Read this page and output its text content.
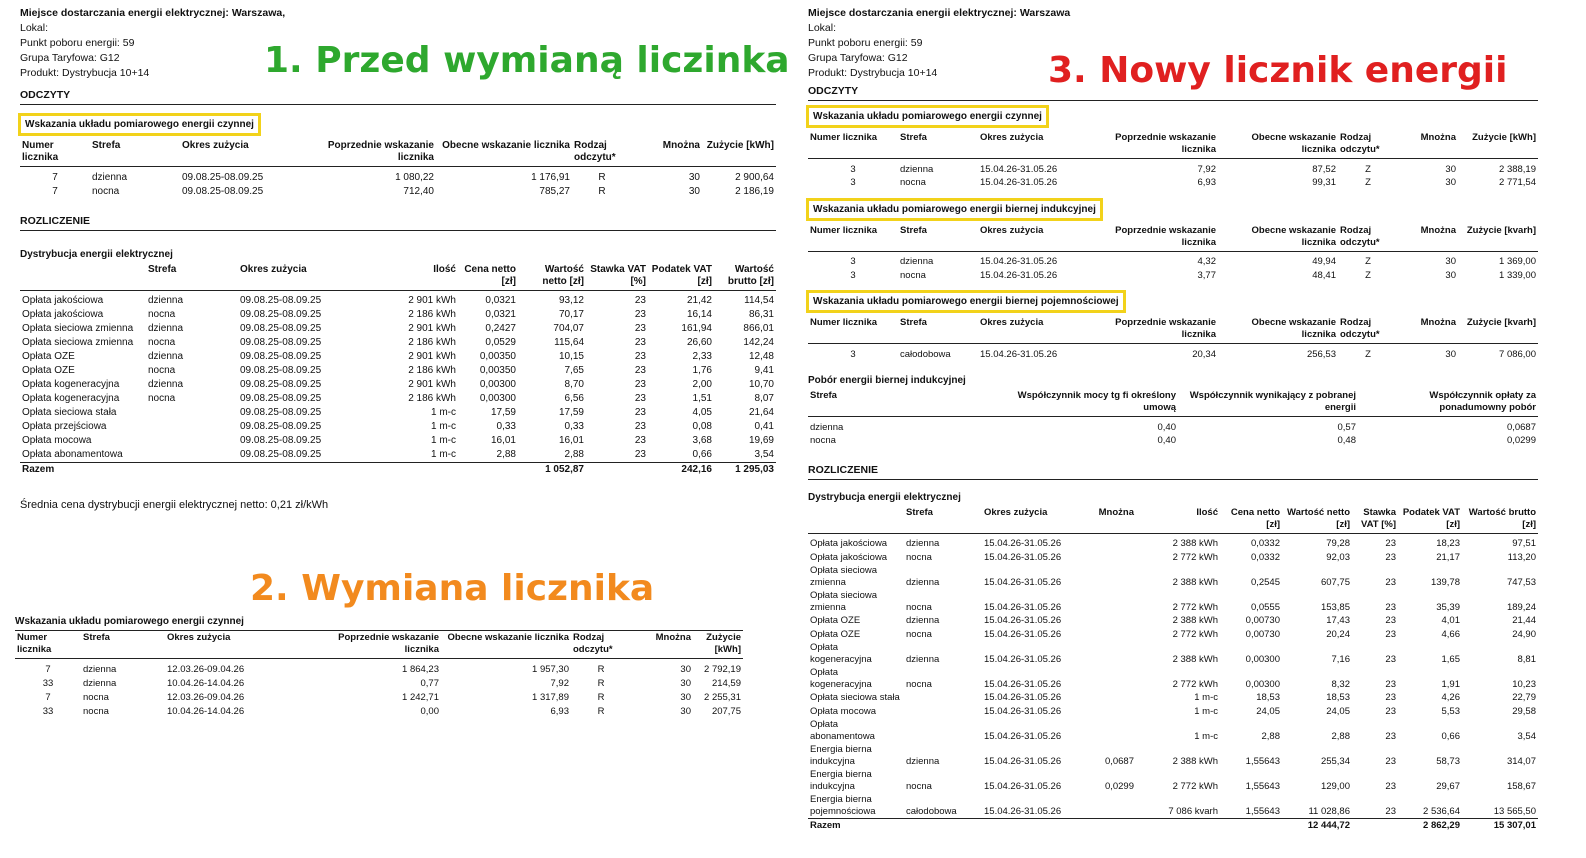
Miejsce dostarczania energii elektrycznej: Warszawa,
Lokal:
Punkt poboru energii: 59
Grupa Taryfowa: G12
Produkt: Dystrybucja 10+14
ODCZYTY
Wskazania układu pomiarowego energii czynnej
Numer licznika	Strefa	Okres zużycia	Poprzednie wskazanie licznika	Obecne wskazanie licznika	Rodzaj odczytu*	Mnożna	Zużycie [kWh]

7	dzienna	09.08.25-08.09.25	1 080,22	1 176,91	R	30	2 900,64
7	nocna	09.08.25-08.09.25	712,40	785,27	R	30	2 186,19
ROZLICZENIE
Dystrybucja energii elektrycznej
	Strefa	Okres zużycia	Ilość	Cena netto [zł]	Wartość netto [zł]	Stawka VAT [%]	Podatek VAT [zł]	Wartość brutto [zł]

Opłata jakościowa	dzienna	09.08.25-08.09.25	2 901 kWh	0,0321	93,12	23	21,42	114,54
Opłata jakościowa	nocna	09.08.25-08.09.25	2 186 kWh	0,0321	70,17	23	16,14	86,31
Opłata sieciowa zmienna	dzienna	09.08.25-08.09.25	2 901 kWh	0,2427	704,07	23	161,94	866,01
Opłata sieciowa zmienna	nocna	09.08.25-08.09.25	2 186 kWh	0,0529	115,64	23	26,60	142,24
Opłata OZE	dzienna	09.08.25-08.09.25	2 901 kWh	0,00350	10,15	23	2,33	12,48
Opłata OZE	nocna	09.08.25-08.09.25	2 186 kWh	0,00350	7,65	23	1,76	9,41
Opłata kogeneracyjna	dzienna	09.08.25-08.09.25	2 901 kWh	0,00300	8,70	23	2,00	10,70
Opłata kogeneracyjna	nocna	09.08.25-08.09.25	2 186 kWh	0,00300	6,56	23	1,51	8,07
Opłata sieciowa stała		09.08.25-08.09.25	1 m-c	17,59	17,59	23	4,05	21,64
Opłata przejściowa		09.08.25-08.09.25	1 m-c	0,33	0,33	23	0,08	0,41
Opłata mocowa		09.08.25-08.09.25	1 m-c	16,01	16,01	23	3,68	19,69
Opłata abonamentowa		09.08.25-08.09.25	1 m-c	2,88	2,88	23	0,66	3,54
Razem					1 052,87		242,16	1 295,03
Średnia cena dystrybucji energii elektrycznej netto: 0,21 zł/kWh
Wskazania układu pomiarowego energii czynnej
Numer licznika	Strefa	Okres zużycia	Poprzednie wskazanie licznika	Obecne wskazanie licznika	Rodzaj odczytu*	Mnożna	Zużycie [kWh]

7	dzienna	12.03.26-09.04.26	1 864,23	1 957,30	R	30	2 792,19
33	dzienna	10.04.26-14.04.26	0,77	7,92	R	30	214,59
7	nocna	12.03.26-09.04.26	1 242,71	1 317,89	R	30	2 255,31
33	nocna	10.04.26-14.04.26	0,00	6,93	R	30	207,75
Miejsce dostarczania energii elektrycznej: Warszawa
Lokal:
Punkt poboru energii: 59
Grupa Taryfowa: G12
Produkt: Dystrybucja 10+14
ODCZYTY
Wskazania układu pomiarowego energii czynnej
Numer licznika	Strefa	Okres zużycia	Poprzednie wskazanie licznika	Obecne wskazanie licznika	Rodzaj odczytu*	Mnożna	Zużycie [kWh]

3	dzienna	15.04.26-31.05.26	7,92	87,52	Z	30	2 388,19
3	nocna	15.04.26-31.05.26	6,93	99,31	Z	30	2 771,54
Wskazania układu pomiarowego energii biernej indukcyjnej
Numer licznika	Strefa	Okres zużycia	Poprzednie wskazanie licznika	Obecne wskazanie licznika	Rodzaj odczytu*	Mnożna	Zużycie [kvarh]

3	dzienna	15.04.26-31.05.26	4,32	49,94	Z	30	1 369,00
3	nocna	15.04.26-31.05.26	3,77	48,41	Z	30	1 339,00
Wskazania układu pomiarowego energii biernej pojemnościowej
Numer licznika	Strefa	Okres zużycia	Poprzednie wskazanie licznika	Obecne wskazanie licznika	Rodzaj odczytu*	Mnożna	Zużycie [kvarh]

3	całodobowa	15.04.26-31.05.26	20,34	256,53	Z	30	7 086,00
Pobór energii biernej indukcyjnej
Strefa	Współczynnik mocy tg fi określony umową	Współczynnik wynikający z pobranej energii	Współczynnik opłaty za ponadumowny pobór

dzienna	0,40	0,57	0,0687
nocna	0,40	0,48	0,0299
ROZLICZENIE
Dystrybucja energii elektrycznej
	Strefa	Okres zużycia	Mnożna	Ilość	Cena netto [zł]	Wartość netto [zł]	Stawka VAT [%]	Podatek VAT [zł]	Wartość brutto [zł]

Opłata jakościowa	dzienna	15.04.26-31.05.26		2 388 kWh	0,0332	79,28	23	18,23	97,51
Opłata jakościowa	nocna	15.04.26-31.05.26		2 772 kWh	0,0332	92,03	23	21,17	113,20
Opłata sieciowa zmienna	dzienna	15.04.26-31.05.26		2 388 kWh	0,2545	607,75	23	139,78	747,53
Opłata sieciowa zmienna	nocna	15.04.26-31.05.26		2 772 kWh	0,0555	153,85	23	35,39	189,24
Opłata OZE	dzienna	15.04.26-31.05.26		2 388 kWh	0,00730	17,43	23	4,01	21,44
Opłata OZE	nocna	15.04.26-31.05.26		2 772 kWh	0,00730	20,24	23	4,66	24,90
Opłata kogeneracyjna	dzienna	15.04.26-31.05.26		2 388 kWh	0,00300	7,16	23	1,65	8,81
Opłata kogeneracyjna	nocna	15.04.26-31.05.26		2 772 kWh	0,00300	8,32	23	1,91	10,23
Opłata sieciowa stała		15.04.26-31.05.26		1 m-c	18,53	18,53	23	4,26	22,79
Opłata mocowa		15.04.26-31.05.26		1 m-c	24,05	24,05	23	5,53	29,58
Opłata abonamentowa		15.04.26-31.05.26		1 m-c	2,88	2,88	23	0,66	3,54
Energia bierna indukcyjna	dzienna	15.04.26-31.05.26	0,0687	2 388 kWh	1,55643	255,34	23	58,73	314,07
Energia bierna indukcyjna	nocna	15.04.26-31.05.26	0,0299	2 772 kWh	1,55643	129,00	23	29,67	158,67
Energia bierna pojemnościowa	całodobowa	15.04.26-31.05.26		7 086 kvarh	1,55643	11 028,86	23	2 536,64	13 565,50
Razem						12 444,72		2 862,29	15 307,01
1. Przed wymianą liczinka
2. Wymiana licznika
3. Nowy licznik energii
